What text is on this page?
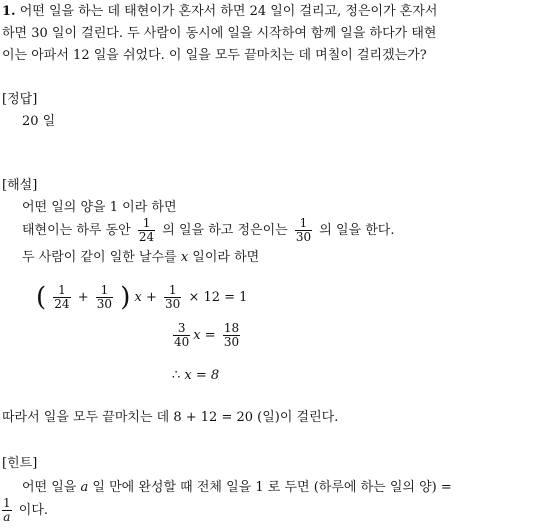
1. 어떤 일을 하는 데 태현이가 혼자서 하면 24 일이 걸리고, 정은이가 혼자서
하면 30 일이 걸린다. 두 사람이 동시에 일을 시작하여 함께 일을 하다가 태현
이는 아파서 12 일을 쉬었다. 이 일을 모두 끝마치는 데 며칠이 걸리겠는가?
[정답]
20 일
[해설]
어떤 일의 양을 1 이라 하면
태현이는 하루 동안 $\frac{1}{24}$ 의 일을 하고 정은이는 $\frac{1}{30}$ 의 일을 한다.
두 사람이 같이 일한 날수를 x 일이라 하면
( $\frac{1}{24} + \frac{1}{30}$ ) $x + \frac{1}{30} \times 12 = 1$
$\frac{3}{40}$ $x = \frac{18}{30}$
∴ x = 8
따라서 일을 모두 끝마치는 데 8 + 12 = 20 (일)이 걸린다.
[힌트]
어떤 일을 a 일 만에 완성할 때 전체 일을 1 로 두면 (하루에 하는 일의 양) =
$\frac{1}{a}$ 이다.
